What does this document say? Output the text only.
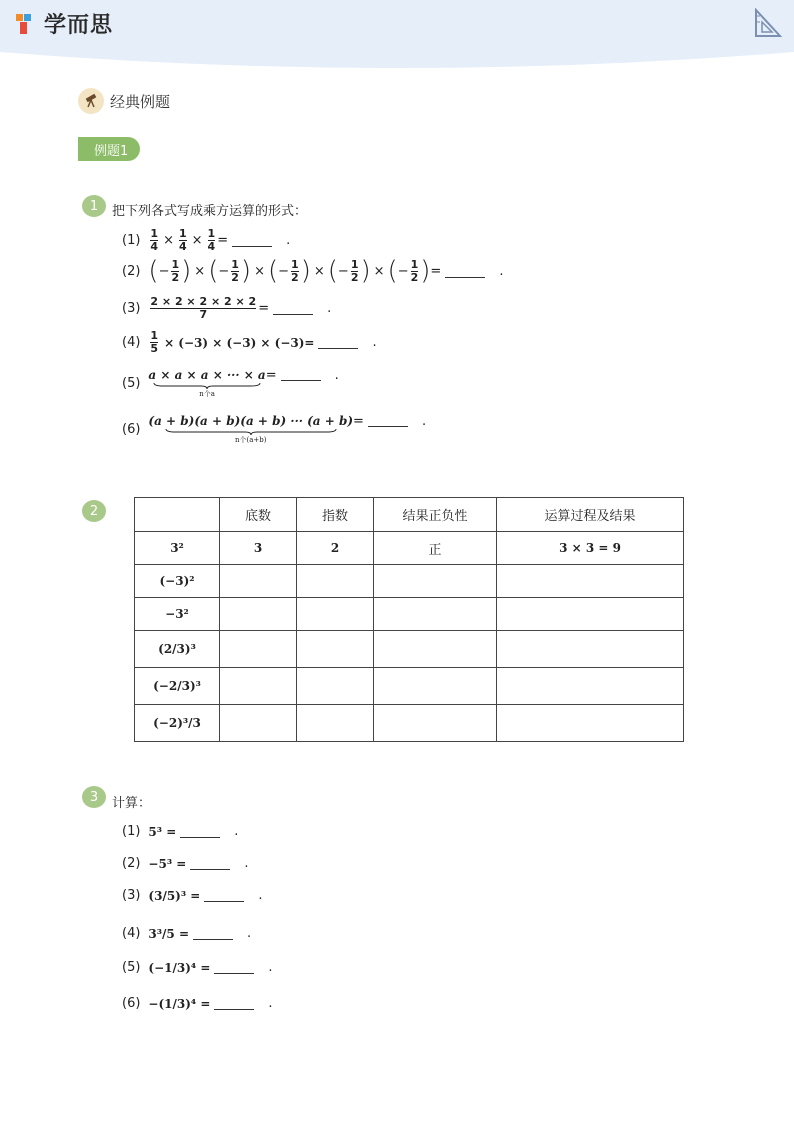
学而思
经典例题
例题1
1	把下列各式写成乘方运算的形式：
$(1) \frac{1}{4} \times \frac{1}{4} \times \frac{1}{4}$ =	.
(2) ( − $\frac{1}{2}$ ) × ( − $\frac{1}{2}$ ) × ( − $\frac{1}{2}$ ) × ( − $\frac{1}{2}$ ) × ( − $\frac{1}{2}$ ) =	.
$(3) \frac{2 \times 2 \times 2 \times 2 \times 2}{7}$ =	.
$(4) \frac{1}{5} \times (-3) \times (-3) \times (-3)=$	.
(5)
a × a × a × ··· × a
n个a
=	.
(6)
(a + b)(a + b)(a + b) ··· (a + b)
n个(a+b)
=	.
2
		底数	指数	结果正负性	运算过程及结果
3²	3	2	正	3 × 3 = 9
(−3)²				
−3²				
(2/3)³				
(−2/3)³				
(−2)³/3				
3	计算：
(1) 5³ =	.
(2) −5³ =	.
(3) (3/5)³ =	.
(4) 3³/5 =	.
(5) (−1/3)⁴ =	.
(6) −(1/3)⁴ =	.
